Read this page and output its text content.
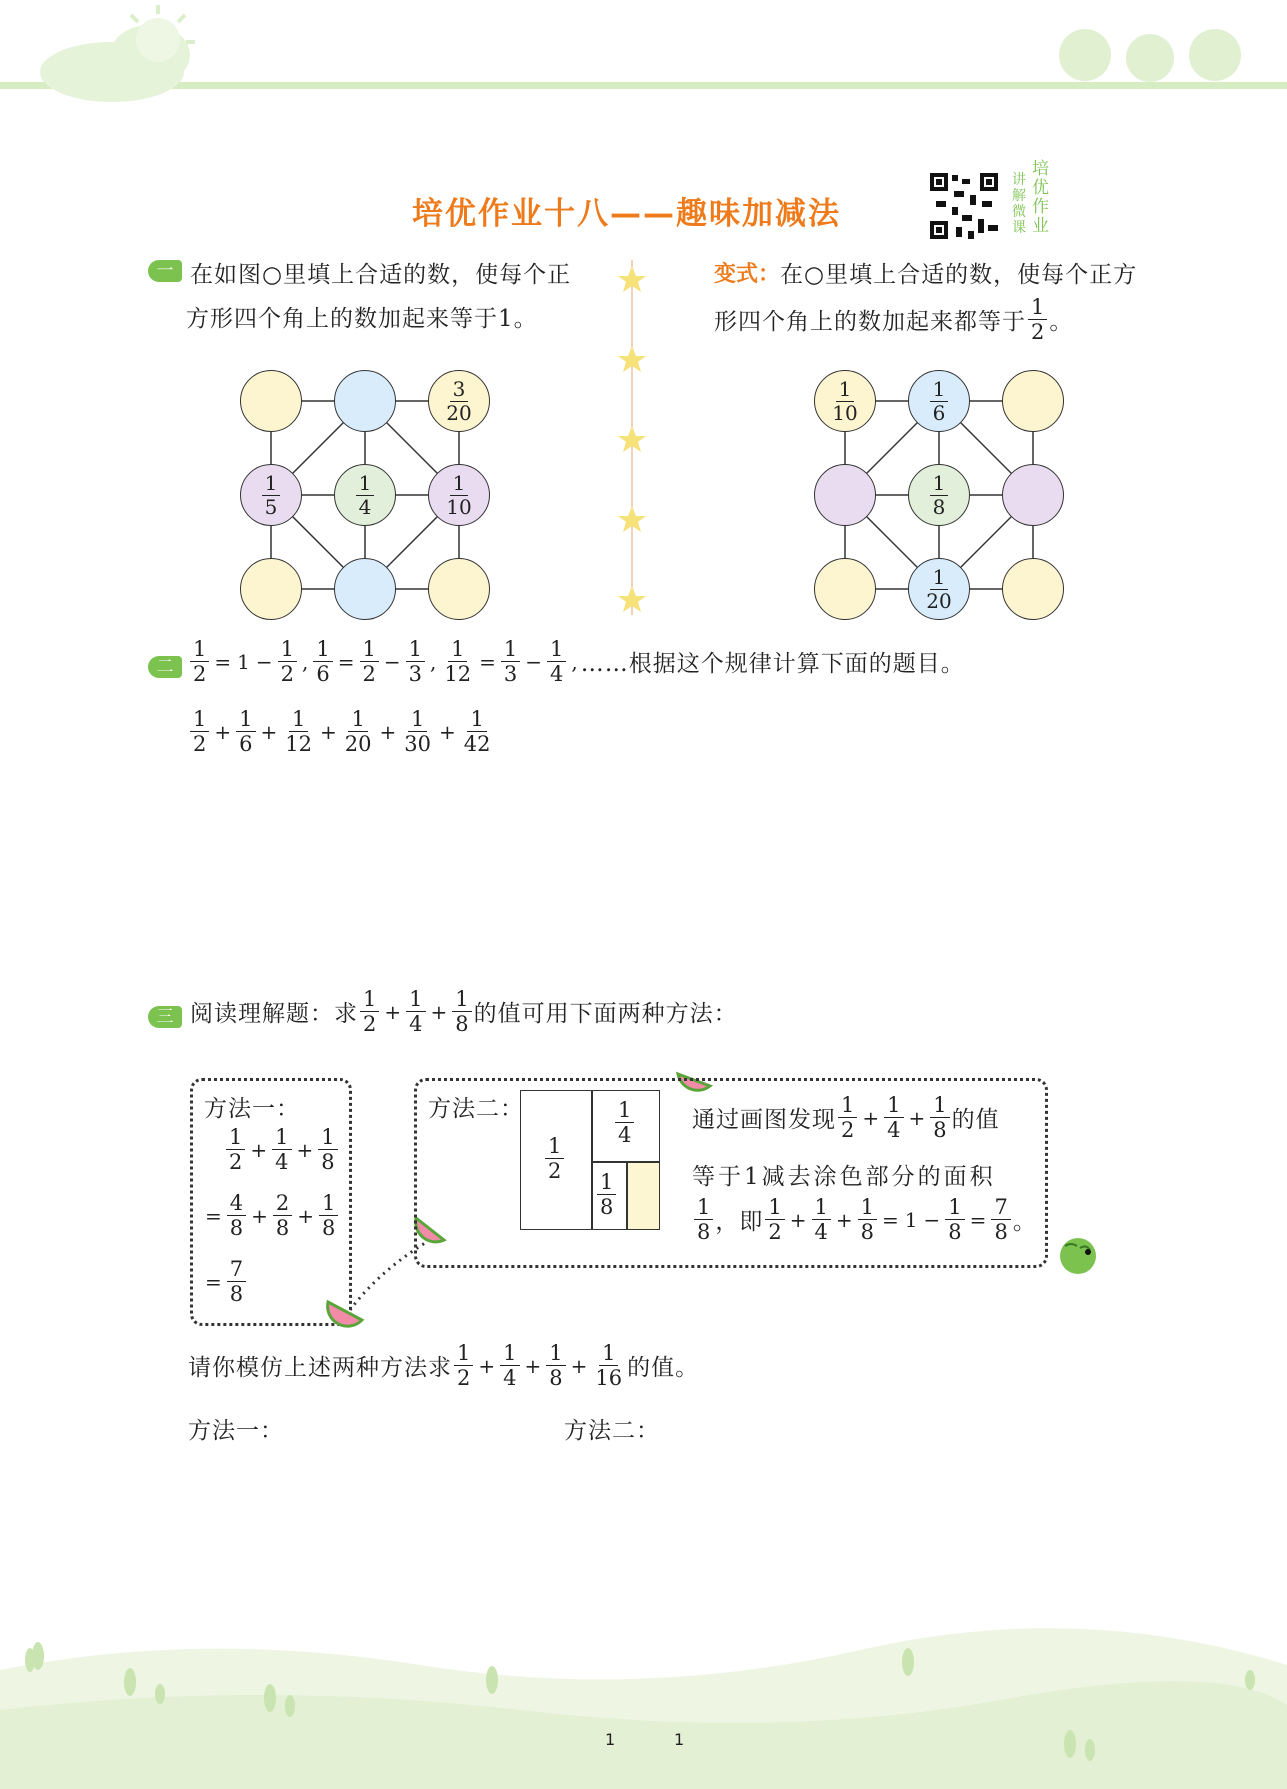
培优作业十八——趣味加减法
讲
解
微
课
培
优
作
业
一 在如图○里填上合适的数，使每个正
方形四个角上的数加起来等于1。
变式： 在○里填上合适的数，使每个正方
形四个角上的数加起来都等于 $\frac{1}{2}$ 。
$\frac{3}{20}$
$\frac{1}{5}$	$\frac{1}{4}$	$\frac{1}{10}$
$\frac{1}{10}$	$\frac{1}{6}$
$\frac{1}{8}$
$\frac{1}{20}$
二 $\frac{1}{2} = 1 - \frac{1}{2}$ , $\frac{1}{6} = \frac{1}{2} - \frac{1}{3}$ , $\frac{1}{12} = \frac{1}{3} - \frac{1}{4}$ , ……根据这个规律计算下面的题目。
$\frac{1}{2} + \frac{1}{6} + \frac{1}{12} + \frac{1}{20} + \frac{1}{30} + \frac{1}{42}$
三 阅读理解题：求 $\frac{1}{2} + \frac{1}{4} + \frac{1}{8}$ 的值可用下面两种方法：
方法一：
$\frac{1}{2} + \frac{1}{4} + \frac{1}{8}$
= $\frac{4}{8} + \frac{2}{8} + \frac{1}{8}$
= $\frac{7}{8}$
方法二：
$\frac{1}{2}$
$\frac{1}{4}$
$\frac{1}{8}$
通过画图发现 $\frac{1}{2} + \frac{1}{4} + \frac{1}{8}$ 的值
等于1减去涂色部分的面积
$\frac{1}{8}$ ，即 $\frac{1}{2} + \frac{1}{4} + \frac{1}{8} = 1 - \frac{1}{8} = \frac{7}{8}$ 。
请你模仿上述两种方法求 $\frac{1}{2} + \frac{1}{4} + \frac{1}{8} + \frac{1}{16}$ 的值。
方法一：	方法二：
1	1
